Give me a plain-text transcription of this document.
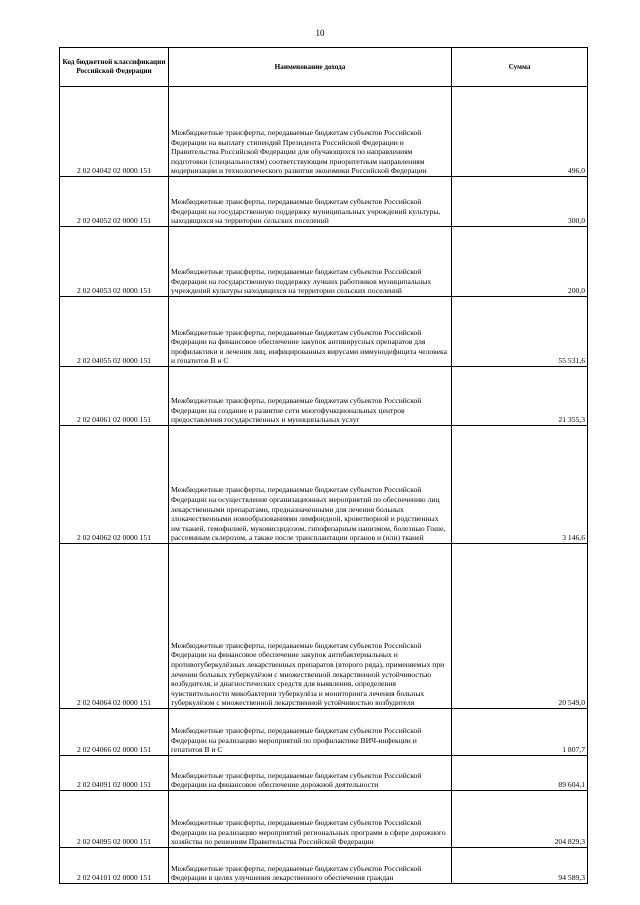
10
Код бюджетной классификации Российской Федерации	Наименование дохода	Сумма
2 02 04042 02 0000 151	Межбюджетные трансферты, передаваемые бюджетам субъектов Российской Федерации на выплату стипендий Президента Российской Федерации и Правительства Российской Федерации для обучающихся по направлениям подготовки (специальностям) соответствующим приоритетным направлениям модернизации и технологического развития экономики Российской Федерации	496,0
2 02 04052 02 0000 151	Межбюджетные трансферты, передаваемые бюджетам субъектов Российской Федерации на государственную поддержку муниципальных учреждений культуры, находящихся на территории сельских поселений	300,0
2 02 04053 02 0000 151	Межбюджетные трансферты, передаваемые бюджетам субъектов Российской Федерации на государственную поддержку лучших работников муниципальных учреждений культуры находящихся на территории сельских поселений	200,0
2 02 04055 02 0000 151	Межбюджетные трансферты, передаваемые бюджетам субъектов Российской Федерации на финансовое обеспечение закупок антивирусных препаратов для профилактики и лечения лиц, инфицированных вирусами иммунодефицита человека и гепатитов В и С	55 531,6
2 02 04061 02 0000 151	Межбюджетные трансферты, передаваемые бюджетам субъектов Российской Федерации на создание и развитие сети многофункциональных центров предоставления государственных и муниципальных услуг	21 355,3
2 02 04062 02 0000 151	Межбюджетные трансферты, передаваемые бюджетам субъектов Российской Федерации на осуществление организационных мероприятий по обеспечению лиц лекарственными препаратами, предназначенными для лечения больных злокачественными новообразованиями лимфоидной, кроветворной и родственных им тканей, гемофилией, муковисцидозом, гипофизарным нанизмом, болезнью Гоше, рассеянным склерозом, а также после трансплантации органов и (или) тканей	3 146,6
2 02 04064 02 0000 151	Межбюджетные трансферты, передаваемые бюджетам субъектов Российской Федерации на финансовое обеспечение закупок антибактериальных и противотуберкулёзных лекарственных препаратов (второго ряда), применяемых при лечении больных туберкулёзом с множественной лекарственной устойчивостью возбудителя, и диагностических средств для выявления, определения чувствительности микобактерии туберкулёза и мониторинга лечения больных туберкулёзом с множественной лекарственной устойчивостью возбудителя	20 549,0
2 02 04066 02 0000 151	Межбюджетные трансферты, передаваемые бюджетам субъектов Российской Федерации на реализацию мероприятий по профилактике ВИЧ-инфекции и гепатитов В и С	1 807,7
2 02 04091 02 0000 151	Межбюджетные трансферты, передаваемые бюджетам субъектов Российской Федерации на финансовое обеспечение дорожной деятельности	89 604,1
2 02 04095 02 0000 151	Межбюджетные трансферты, передаваемые бюджетам субъектов Российской Федерации на реализацию мероприятий региональных программ в сфере дорожного хозяйства по решениям Правительства Российской Федерации	204 829,3
2 02 04101 02 0000 151	Межбюджетные трансферты, передаваемые бюджетам субъектов Российской Федерации в целях улучшения лекарственного обеспечения граждан	94 589,3
